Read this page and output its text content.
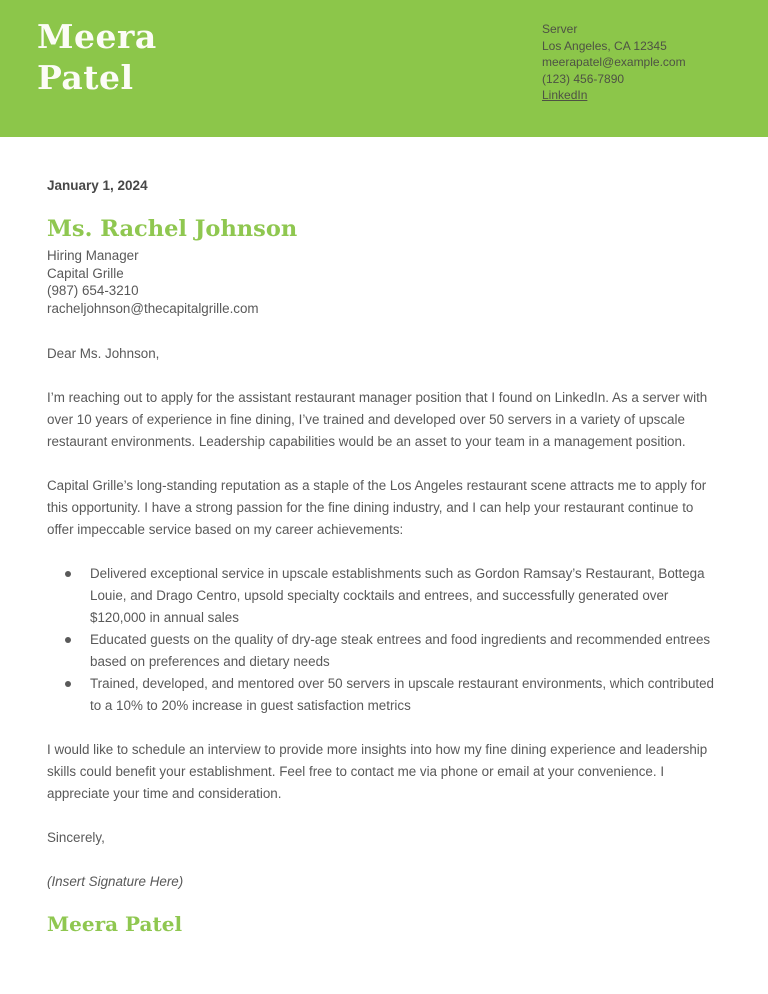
Meera
Patel
Server
Los Angeles, CA 12345
meerapatel@example.com
(123) 456-7890
LinkedIn
January 1, 2024
Ms. Rachel Johnson
Hiring Manager
Capital Grille
(987) 654-3210
racheljohnson@thecapitalgrille.com

Dear Ms. Johnson,

I’m reaching out to apply for the assistant restaurant manager position that I found on LinkedIn. As a server with over 10 years of experience in fine dining, I’ve trained and developed over 50 servers in a variety of upscale restaurant environments. Leadership capabilities would be an asset to your team in a management position.

Capital Grille’s long-standing reputation as a staple of the Los Angeles restaurant scene attracts me to apply for this opportunity. I have a strong passion for the fine dining industry, and I can help your restaurant continue to offer impeccable service based on my career achievements:

Delivered exceptional service in upscale establishments such as Gordon Ramsay’s Restaurant, Bottega Louie, and Drago Centro, upsold specialty cocktails and entrees, and successfully generated over $120,000 in annual sales
Educated guests on the quality of dry-age steak entrees and food ingredients and recommended entrees based on preferences and dietary needs
Trained, developed, and mentored over 50 servers in upscale restaurant environments, which contributed to a 10% to 20% increase in guest satisfaction metrics

I would like to schedule an interview to provide more insights into how my fine dining experience and leadership skills could benefit your establishment. Feel free to contact me via phone or email at your convenience. I appreciate your time and consideration.

Sincerely,

(Insert Signature Here)

Meera Patel
